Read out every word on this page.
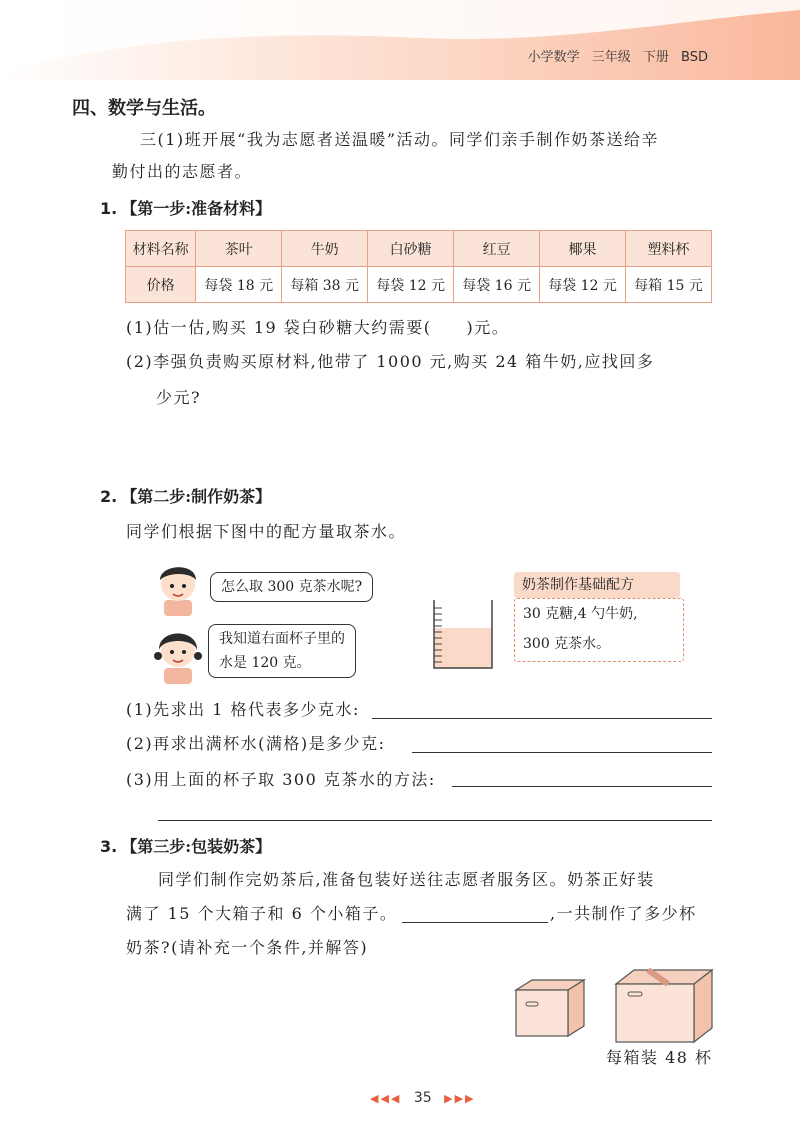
小学数学 三年级 下册 BSD
四、数学与生活。
三(1)班开展“我为志愿者送温暖”活动。同学们亲手制作奶茶送给辛
勤付出的志愿者。
1. 【第一步:准备材料】
材料名称	茶叶	牛奶	白砂糖	红豆	椰果	塑料杯
价格	每袋 18 元	每箱 38 元	每袋 12 元	每袋 16 元	每袋 12 元	每箱 15 元
(1)估一估,购买 19 袋白砂糖大约需要(　　)元。
(2)李强负责购买原材料,他带了 1000 元,购买 24 箱牛奶,应找回多
少元?
2. 【第二步:制作奶茶】
同学们根据下图中的配方量取茶水。
怎么取 300 克茶水呢?
我知道右面杯子里的
水是 120 克。
奶茶制作基础配方
30 克糖,4 勺牛奶,
300 克茶水。
(1)先求出 1 格代表多少克水:
(2)再求出满杯水(满格)是多少克:
(3)用上面的杯子取 300 克茶水的方法:
3. 【第三步:包装奶茶】
同学们制作完奶茶后,准备包装好送往志愿者服务区。奶茶正好装
满了 15 个大箱子和 6 个小箱子。	,一共制作了多少杯
奶茶?(请补充一个条件,并解答)
每箱装 48 杯
◀◀◀ 35 ▶▶▶
